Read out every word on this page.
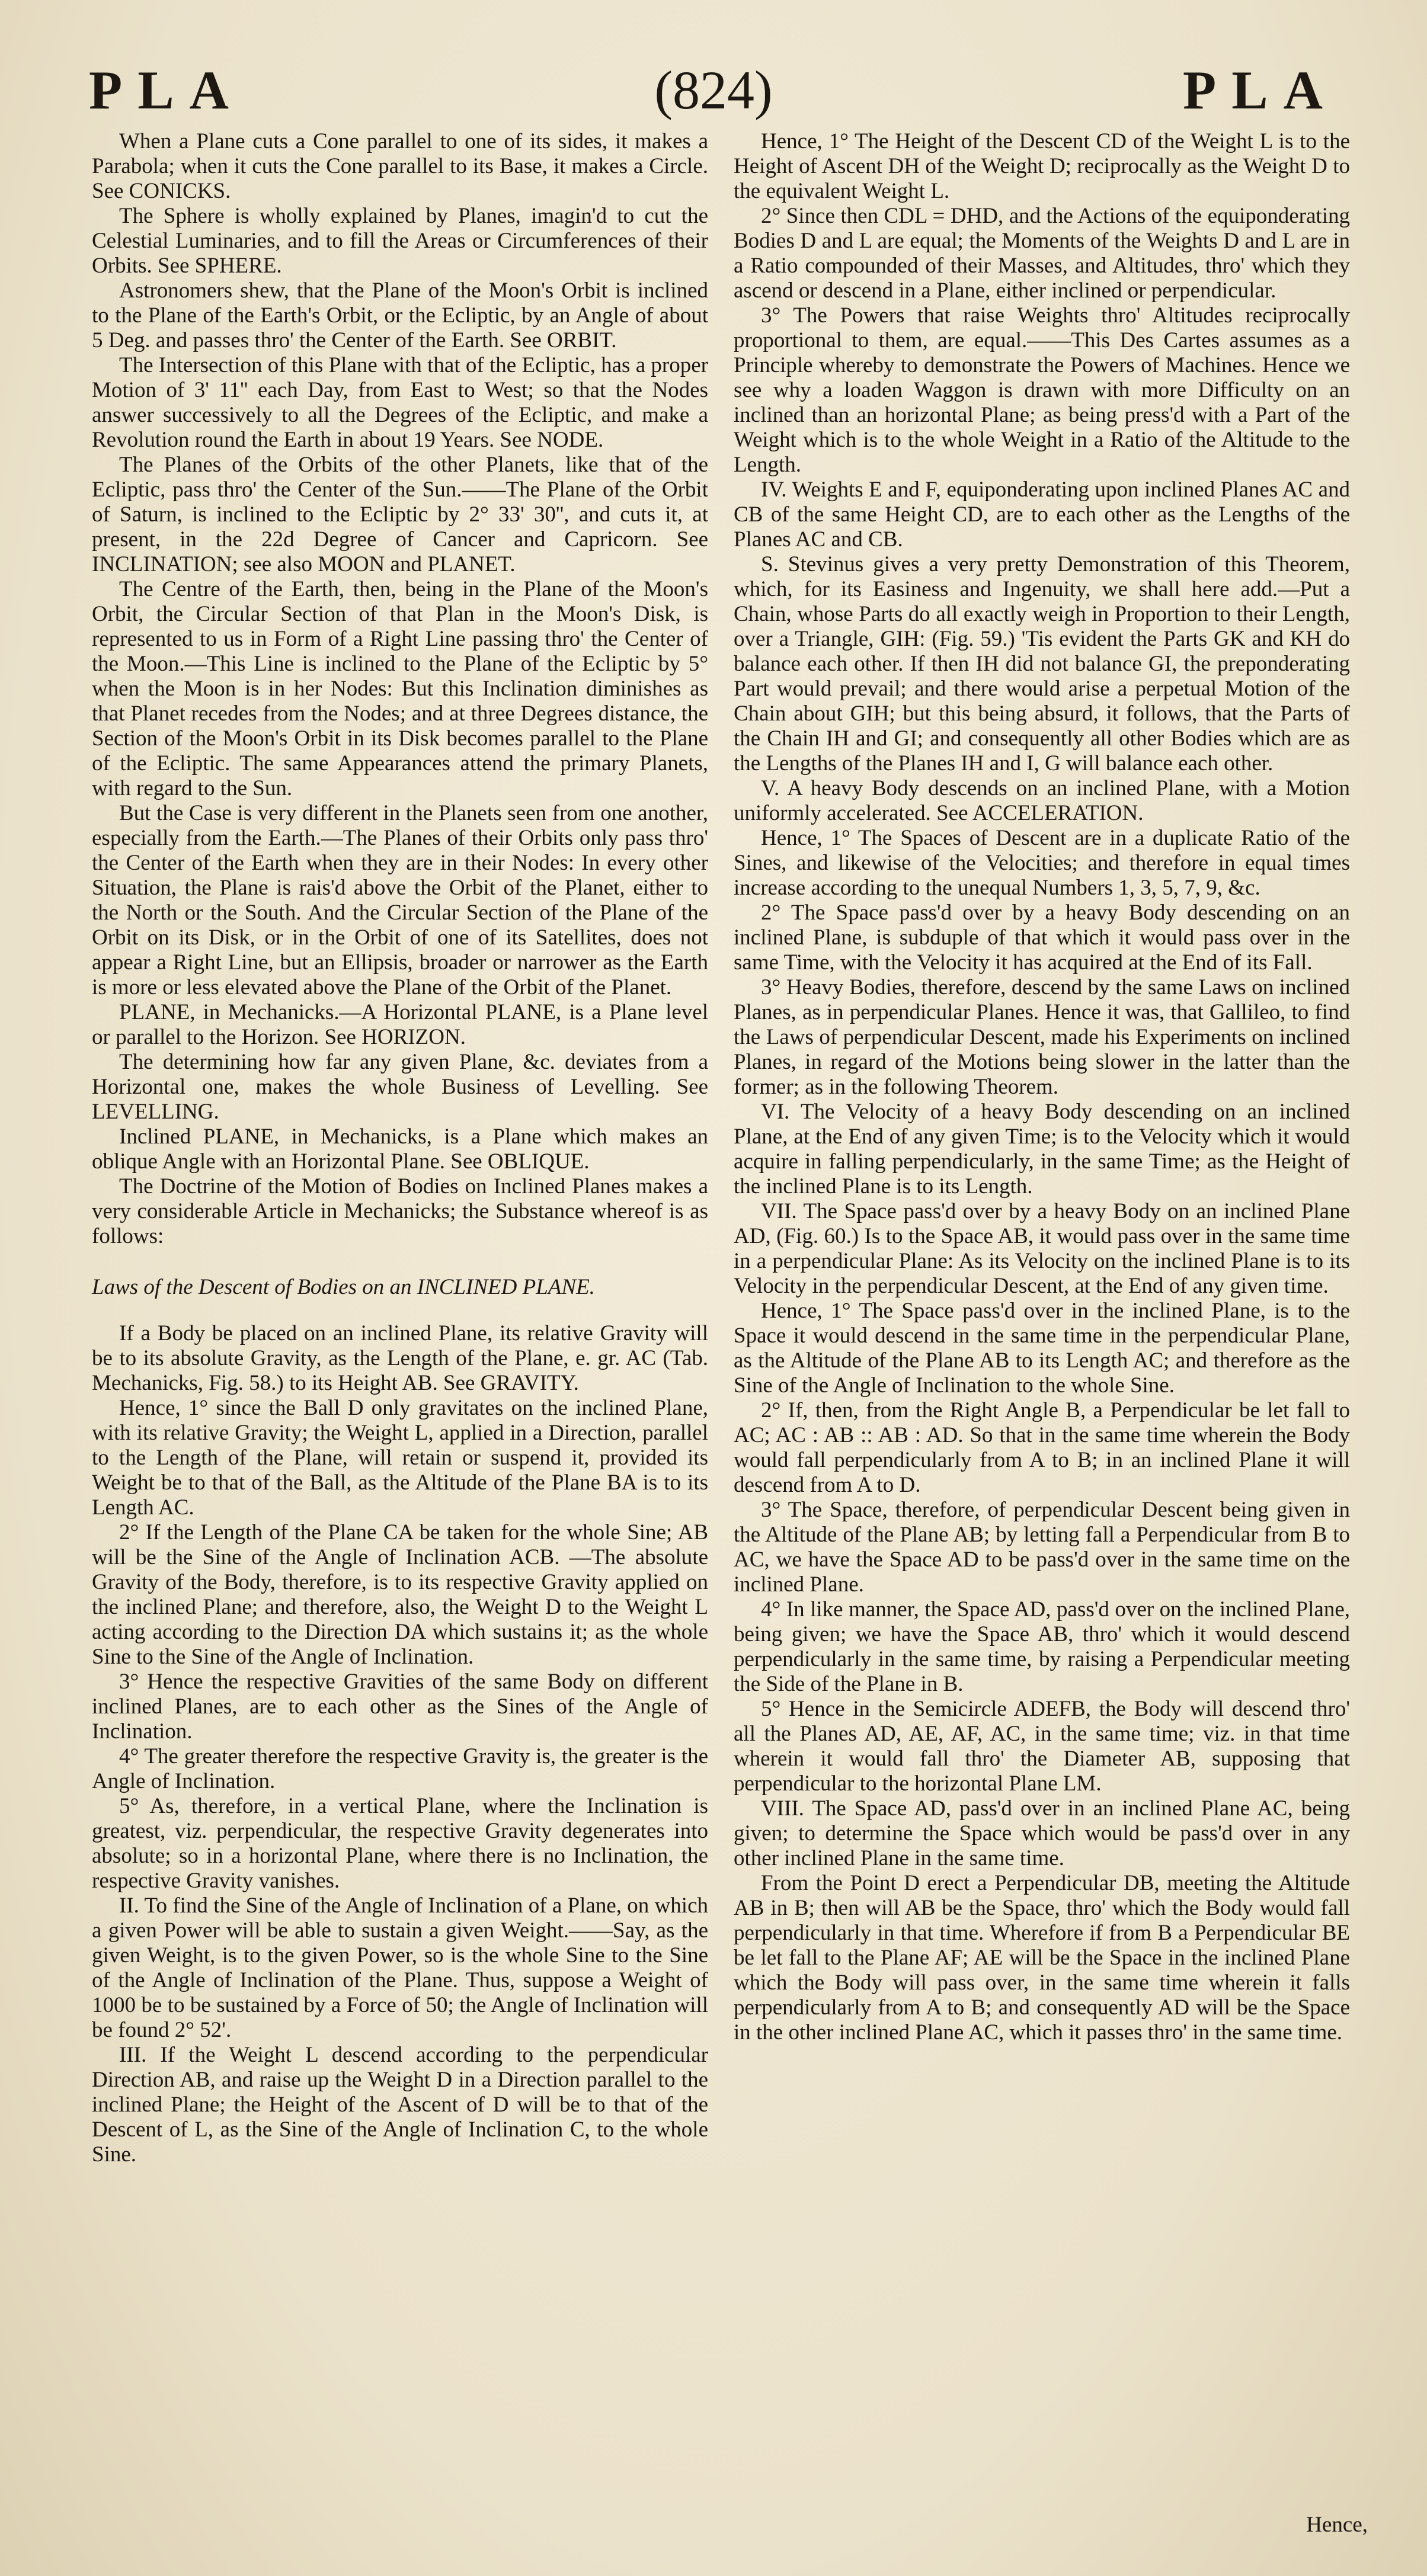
PLA	(824)	PLA

When a Plane cuts a Cone parallel to one of its sides, it makes a Parabola; when it cuts the Cone parallel to its Base, it makes a Circle. See CONICKS.

The Sphere is wholly explained by Planes, imagin'd to cut the Celestial Luminaries, and to fill the Areas or Circumferences of their Orbits. See SPHERE.

Astronomers shew, that the Plane of the Moon's Orbit is inclined to the Plane of the Earth's Orbit, or the Ecliptic, by an Angle of about 5 Deg. and passes thro' the Center of the Earth. See ORBIT.

The Intersection of this Plane with that of the Ecliptic, has a proper Motion of 3' 11'' each Day, from East to West; so that the Nodes answer successively to all the Degrees of the Ecliptic, and make a Revolution round the Earth in about 19 Years. See NODE.

The Planes of the Orbits of the other Planets, like that of the Ecliptic, pass thro' the Center of the Sun.——The Plane of the Orbit of Saturn, is inclined to the Ecliptic by 2° 33' 30'', and cuts it, at present, in the 22d Degree of Cancer and Capricorn. See INCLINATION; see also MOON and PLANET.

The Centre of the Earth, then, being in the Plane of the Moon's Orbit, the Circular Section of that Plan in the Moon's Disk, is represented to us in Form of a Right Line passing thro' the Center of the Moon.—This Line is inclined to the Plane of the Ecliptic by 5° when the Moon is in her Nodes: But this Inclination diminishes as that Planet recedes from the Nodes; and at three Degrees distance, the Section of the Moon's Orbit in its Disk becomes parallel to the Plane of the Ecliptic. The same Appearances attend the primary Planets, with regard to the Sun.

But the Case is very different in the Planets seen from one another, especially from the Earth.—The Planes of their Orbits only pass thro' the Center of the Earth when they are in their Nodes: In every other Situation, the Plane is rais'd above the Orbit of the Planet, either to the North or the South. And the Circular Section of the Plane of the Orbit on its Disk, or in the Orbit of one of its Satellites, does not appear a Right Line, but an Ellipsis, broader or narrower as the Earth is more or less elevated above the Plane of the Orbit of the Planet.

PLANE, in Mechanicks.—A Horizontal PLANE, is a Plane level or parallel to the Horizon. See HORIZON.

The determining how far any given Plane, &c. deviates from a Horizontal one, makes the whole Business of Levelling. See LEVELLING.

Inclined PLANE, in Mechanicks, is a Plane which makes an oblique Angle with an Horizontal Plane. See OBLIQUE.

The Doctrine of the Motion of Bodies on Inclined Planes makes a very considerable Article in Mechanicks; the Substance whereof is as follows:

Laws of the Descent of Bodies on an INCLINED PLANE.

If a Body be placed on an inclined Plane, its relative Gravity will be to its absolute Gravity, as the Length of the Plane, e. gr. AC (Tab. Mechanicks, Fig. 58.) to its Height AB. See GRAVITY.

Hence, 1° since the Ball D only gravitates on the inclined Plane, with its relative Gravity; the Weight L, applied in a Direction, parallel to the Length of the Plane, will retain or suspend it, provided its Weight be to that of the Ball, as the Altitude of the Plane BA is to its Length AC.

2° If the Length of the Plane CA be taken for the whole Sine; AB will be the Sine of the Angle of Inclination ACB. —The absolute Gravity of the Body, therefore, is to its respective Gravity applied on the inclined Plane; and therefore, also, the Weight D to the Weight L acting according to the Direction DA which sustains it; as the whole Sine to the Sine of the Angle of Inclination.

3° Hence the respective Gravities of the same Body on different inclined Planes, are to each other as the Sines of the Angle of Inclination.

4° The greater therefore the respective Gravity is, the greater is the Angle of Inclination.

5° As, therefore, in a vertical Plane, where the Inclination is greatest, viz. perpendicular, the respective Gravity degenerates into absolute; so in a horizontal Plane, where there is no Inclination, the respective Gravity vanishes.

II. To find the Sine of the Angle of Inclination of a Plane, on which a given Power will be able to sustain a given Weight.——Say, as the given Weight, is to the given Power, so is the whole Sine to the Sine of the Angle of Inclination of the Plane. Thus, suppose a Weight of 1000 be to be sustained by a Force of 50; the Angle of Inclination will be found 2° 52'.

III. If the Weight L descend according to the perpendicular Direction AB, and raise up the Weight D in a Direction parallel to the inclined Plane; the Height of the Ascent of D will be to that of the Descent of L, as the Sine of the Angle of Inclination C, to the whole Sine.

Hence, 1° The Height of the Descent CD of the Weight L is to the Height of Ascent DH of the Weight D; reciprocally as the Weight D to the equivalent Weight L.

2° Since then CDL = DHD, and the Actions of the equiponderating Bodies D and L are equal; the Moments of the Weights D and L are in a Ratio compounded of their Masses, and Altitudes, thro' which they ascend or descend in a Plane, either inclined or perpendicular.

3° The Powers that raise Weights thro' Altitudes reciprocally proportional to them, are equal.——This Des Cartes assumes as a Principle whereby to demonstrate the Powers of Machines. Hence we see why a loaden Waggon is drawn with more Difficulty on an inclined than an horizontal Plane; as being press'd with a Part of the Weight which is to the whole Weight in a Ratio of the Altitude to the Length.

IV. Weights E and F, equiponderating upon inclined Planes AC and CB of the same Height CD, are to each other as the Lengths of the Planes AC and CB.

S. Stevinus gives a very pretty Demonstration of this Theorem, which, for its Easiness and Ingenuity, we shall here add.—Put a Chain, whose Parts do all exactly weigh in Proportion to their Length, over a Triangle, GIH: (Fig. 59.) 'Tis evident the Parts GK and KH do balance each other. If then IH did not balance GI, the preponderating Part would prevail; and there would arise a perpetual Motion of the Chain about GIH; but this being absurd, it follows, that the Parts of the Chain IH and GI; and consequently all other Bodies which are as the Lengths of the Planes IH and I, G will balance each other.

V. A heavy Body descends on an inclined Plane, with a Motion uniformly accelerated. See ACCELERATION.

Hence, 1° The Spaces of Descent are in a duplicate Ratio of the Sines, and likewise of the Velocities; and therefore in equal times increase according to the unequal Numbers 1, 3, 5, 7, 9, &c.

2° The Space pass'd over by a heavy Body descending on an inclined Plane, is subduple of that which it would pass over in the same Time, with the Velocity it has acquired at the End of its Fall.

3° Heavy Bodies, therefore, descend by the same Laws on inclined Planes, as in perpendicular Planes. Hence it was, that Gallileo, to find the Laws of perpendicular Descent, made his Experiments on inclined Planes, in regard of the Motions being slower in the latter than the former; as in the following Theorem.

VI. The Velocity of a heavy Body descending on an inclined Plane, at the End of any given Time; is to the Velocity which it would acquire in falling perpendicularly, in the same Time; as the Height of the inclined Plane is to its Length.

VII. The Space pass'd over by a heavy Body on an inclined Plane AD, (Fig. 60.) Is to the Space AB, it would pass over in the same time in a perpendicular Plane: As its Velocity on the inclined Plane is to its Velocity in the perpendicular Descent, at the End of any given time.

Hence, 1° The Space pass'd over in the inclined Plane, is to the Space it would descend in the same time in the perpendicular Plane, as the Altitude of the Plane AB to its Length AC; and therefore as the Sine of the Angle of Inclination to the whole Sine.

2° If, then, from the Right Angle B, a Perpendicular be let fall to AC; AC : AB :: AB : AD. So that in the same time wherein the Body would fall perpendicularly from A to B; in an inclined Plane it will descend from A to D.

3° The Space, therefore, of perpendicular Descent being given in the Altitude of the Plane AB; by letting fall a Perpendicular from B to AC, we have the Space AD to be pass'd over in the same time on the inclined Plane.

4° In like manner, the Space AD, pass'd over on the inclined Plane, being given; we have the Space AB, thro' which it would descend perpendicularly in the same time, by raising a Perpendicular meeting the Side of the Plane in B.

5° Hence in the Semicircle ADEFB, the Body will descend thro' all the Planes AD, AE, AF, AC, in the same time; viz. in that time wherein it would fall thro' the Diameter AB, supposing that perpendicular to the horizontal Plane LM.

VIII. The Space AD, pass'd over in an inclined Plane AC, being given; to determine the Space which would be pass'd over in any other inclined Plane in the same time.

From the Point D erect a Perpendicular DB, meeting the Altitude AB in B; then will AB be the Space, thro' which the Body would fall perpendicularly in that time. Wherefore if from B a Perpendicular BE be let fall to the Plane AF; AE will be the Space in the inclined Plane which the Body will pass over, in the same time wherein it falls perpendicularly from A to B; and consequently AD will be the Space in the other inclined Plane AC, which it passes thro' in the same time.

Hence,
